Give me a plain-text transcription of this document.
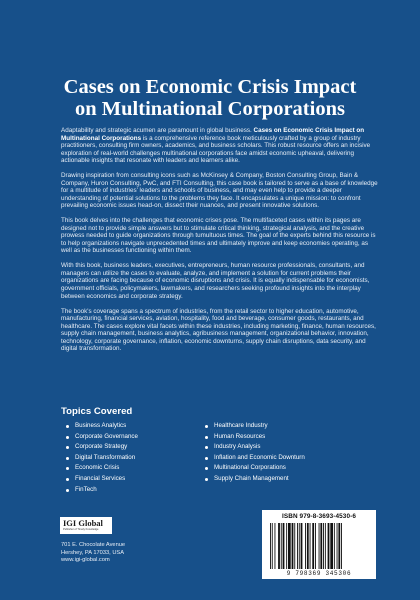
Cases on Economic Crisis Impact
on Multinational Corporations

Adaptability and strategic acumen are paramount in global business. Cases on Economic Crisis Impact on Multinational Corporations is a comprehensive reference book meticulously crafted by a group of industry practitioners, consulting firm owners, academics, and business scholars. This robust resource offers an incisive exploration of real-world challenges multinational corporations face amidst economic upheaval, delivering actionable insights that resonate with leaders and learners alike.

Drawing inspiration from consulting icons such as McKinsey & Company, Boston Consulting Group, Bain & Company, Huron Consulting, PwC, and FTI Consulting, this case book is tailored to serve as a base of knowledge for a multitude of industries' leaders and schools of business, and may even help to provide a deeper understanding of potential solutions to the problems they face. It encapsulates a unique mission: to confront prevailing economic issues head-on, dissect their nuances, and present innovative solutions.

This book delves into the challenges that economic crises pose. The multifaceted cases within its pages are designed not to provide simple answers but to stimulate critical thinking, strategical analysis, and the creative prowess needed to guide organizations through tumultuous times. The goal of the experts behind this resource is to help organizations navigate unprecedented times and ultimately improve and keep economies operating, as well as the businesses functioning within them.

With this book, business leaders, executives, entrepreneurs, human resource professionals, consultants, and managers can utilize the cases to evaluate, analyze, and implement a solution for current problems their organizations are facing because of economic disruptions and crisis. It is equally indispensable for economists, government officials, policymakers, lawmakers, and researchers seeking profound insights into the interplay between economics and corporate strategy.

The book's coverage spans a spectrum of industries, from the retail sector to higher education, automotive, manufacturing, financial services, aviation, hospitality, food and beverage, consumer goods, restaurants, and healthcare. The cases explore vital facets within these industries, including marketing, finance, human resources, supply chain management, business analytics, agribusiness management, organizational behavior, innovation, technology, corporate governance, inflation, economic downturns, supply chain disruptions, data security, and digital transformation.

Topics Covered
Business Analytics
Corporate Governance
Corporate Strategy
Digital Transformation
Economic Crisis
Financial Services
FinTech
Healthcare Industry
Human Resources
Industry Analysis
Inflation and Economic Downturn
Multinational Corporations
Supply Chain Management
IGI Global
Publisher of Timely Knowledge
701 E. Chocolate Avenue
Hershey, PA 17033, USA
www.igi-global.com
ISBN 979-8-3693-4530-6
9 798369 345306
